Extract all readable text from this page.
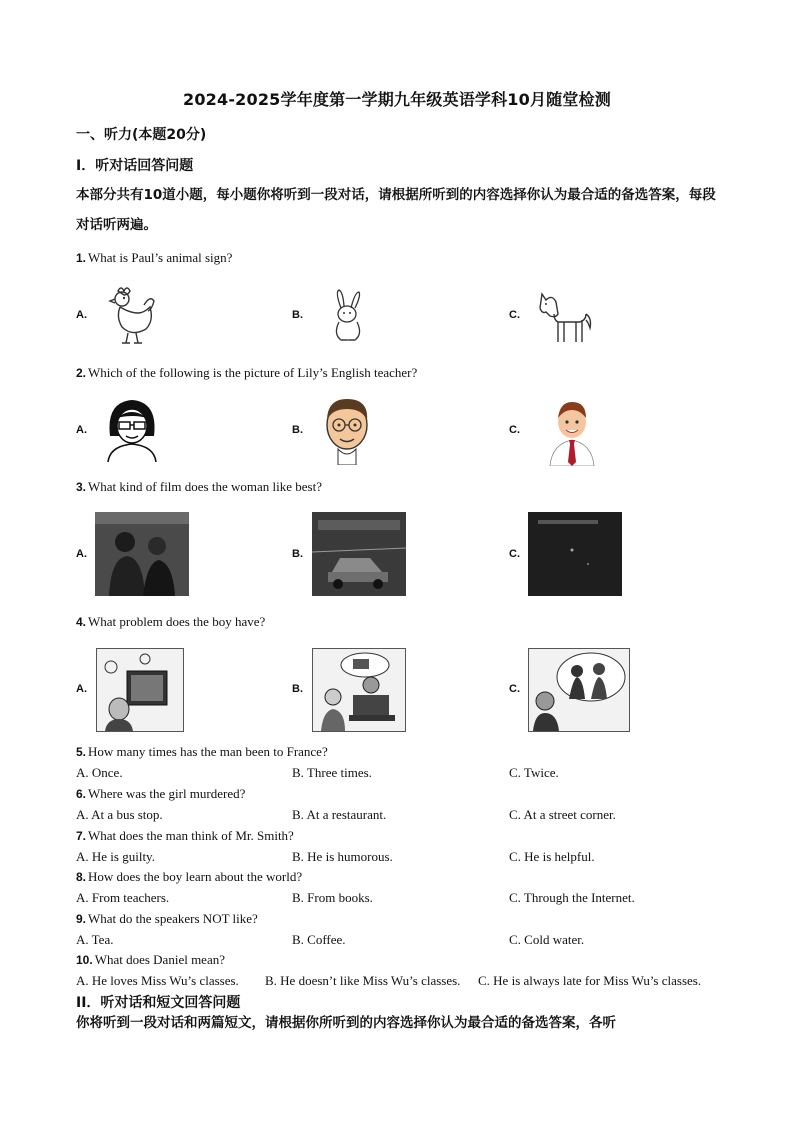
2024-2025学年度第一学期九年级英语学科10月随堂检测
一、听力(本题20分)
I．听对话回答问题
本部分共有10道小题，每小题你将听到一段对话，请根据所听到的内容选择你认为最合适的备选答案，每段对话听两遍。
1. What is Paul’s animal sign?
A.	B.	C.
2. Which of the following is the picture of Lily’s English teacher?
A.	B.	C.
3. What kind of film does the woman like best?
A.	B.	C.
4. What problem does the boy have?
A.	B.	C.
5. How many times has the man been to France?
A. Once.	B. Three times.	C. Twice.
6. Where was the girl murdered?
A. At a bus stop.	B. At a restaurant.	C. At a street corner.
7. What does the man think of Mr. Smith?
A. He is guilty.	B. He is humorous.	C. He is helpful.
8. How does the boy learn about the world?
A. From teachers.	B. From books.	C. Through the Internet.
9. What do the speakers NOT like?
A. Tea.	B. Coffee.	C. Cold water.
10. What does Daniel mean?
A. He loves Miss Wu’s classes. B. He doesn’t like Miss Wu’s classes. C. He is always late for Miss Wu’s classes.
II．听对话和短文回答问题
你将听到一段对话和两篇短文，请根据你所听到的内容选择你认为最合适的备选答案，各听
